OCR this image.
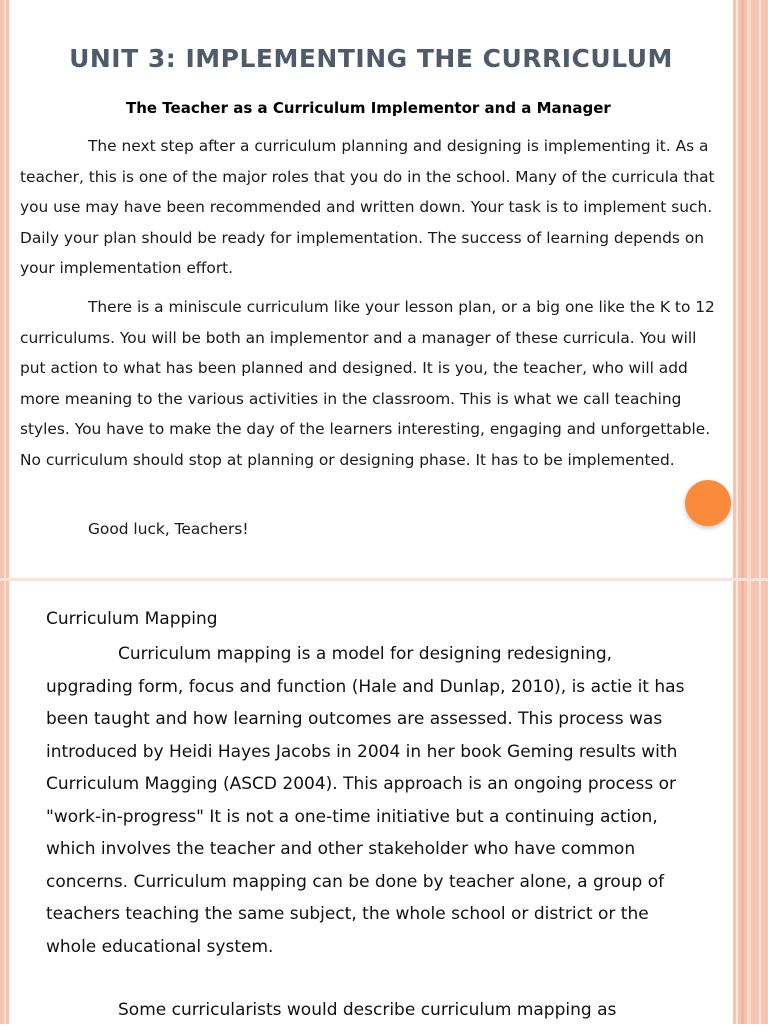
UNIT 3: IMPLEMENTING THE CURRICULUM

The Teacher as a Curriculum Implementor and a Manager

The next step after a curriculum planning and designing is implementing it. As a teacher, this is one of the major roles that you do in the school. Many of the curricula that you use may have been recommended and written down. Your task is to implement such. Daily your plan should be ready for implementation. The success of learning depends on your implementation effort.

There is a miniscule curriculum like your lesson plan, or a big one like the K to 12 curriculums. You will be both an implementor and a manager of these curricula. You will put action to what has been planned and designed. It is you, the teacher, who will add more meaning to the various activities in the classroom. This is what we call teaching styles. You have to make the day of the learners interesting, engaging and unforgettable. No curriculum should stop at planning or designing phase. It has to be implemented.

Good luck, Teachers!

Curriculum Mapping

Curriculum mapping is a model for designing redesigning, upgrading form, focus and function (Hale and Dunlap, 2010), is actie it has been taught and how learning outcomes are assessed. This process was introduced by Heidi Hayes Jacobs in 2004 in her book Geming results with Curriculum Magging (ASCD 2004). This approach is an ongoing process or "work-in-progress" It is not a one-time initiative but a continuing action, which involves the teacher and other stakeholder who have common concerns. Curriculum mapping can be done by teacher alone, a group of teachers teaching the same subject, the whole school or district or the whole educational system.

Some curricularists would describe curriculum mapping as
